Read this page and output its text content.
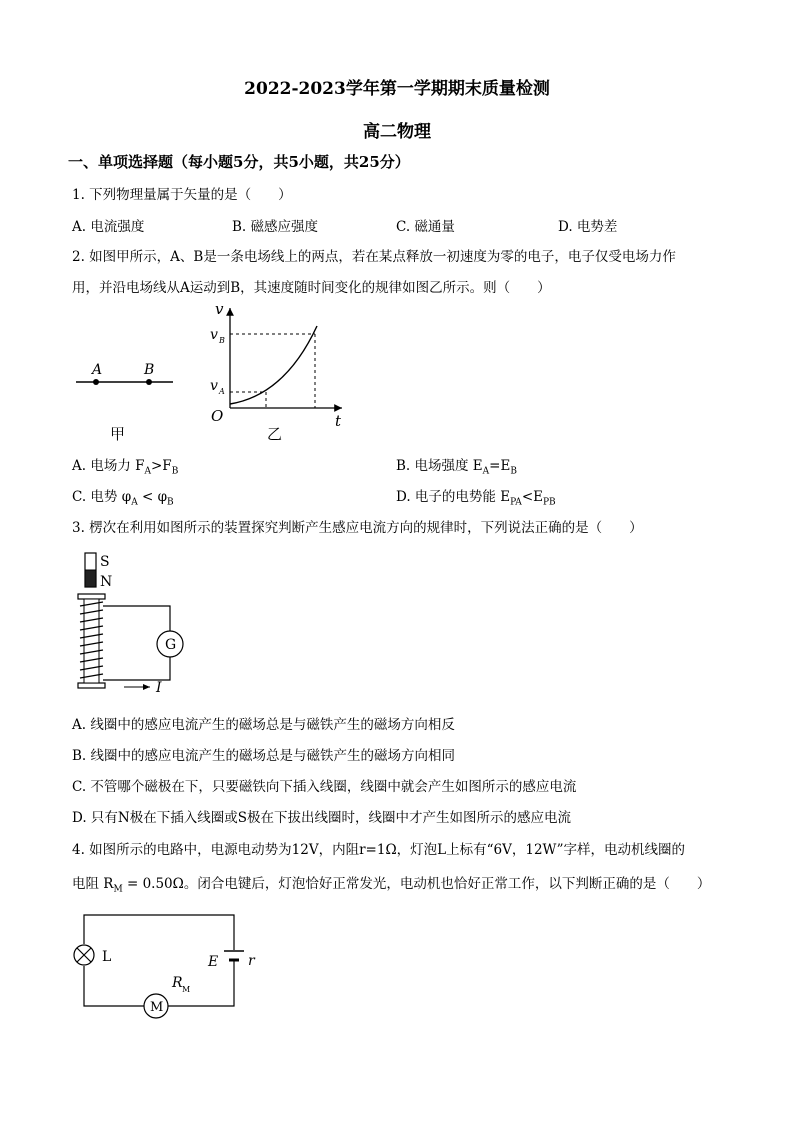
2022-2023学年第一学期期末质量检测
高二物理
一、单项选择题（每小题5分，共5小题，共25分）
1. 下列物理量属于矢量的是（　　）
A. 电流强度	B. 磁感应强度	C. 磁通量	D. 电势差
2. 如图甲所示，A、B是一条电场线上的两点，若在某点释放一初速度为零的电子，电子仅受电场力作
用，并沿电场线从A运动到B，其速度随时间变化的规律如图乙所示。则（　　）
A	B
甲
v
t
O
v B
v A
乙
A. 电场力 $F_A>F_B$	B. 电场强度 $E_A=E_B$
C. 电势 $\varphi_A < \varphi_B$	D. 电子的电势能 $E_{PA}<E_{PB}$
3. 楞次在利用如图所示的装置探究判断产生感应电流方向的规律时，下列说法正确的是（　　）
S
N
G
I
A. 线圈中的感应电流产生的磁场总是与磁铁产生的磁场方向相反
B. 线圈中的感应电流产生的磁场总是与磁铁产生的磁场方向相同
C. 不管哪个磁极在下，只要磁铁向下插入线圈，线圈中就会产生如图所示的感应电流
D. 只有N极在下插入线圈或S极在下拔出线圈时，线圈中才产生如图所示的感应电流
4. 如图所示的电路中，电源电动势为12V，内阻r=1Ω，灯泡L上标有“6V，12W”字样，电动机线圈的
电阻 $R_M = 0.50\Omega$。闭合电键后，灯泡恰好正常发光，电动机也恰好正常工作，以下判断正确的是（　　）
L	E r
M
R M
